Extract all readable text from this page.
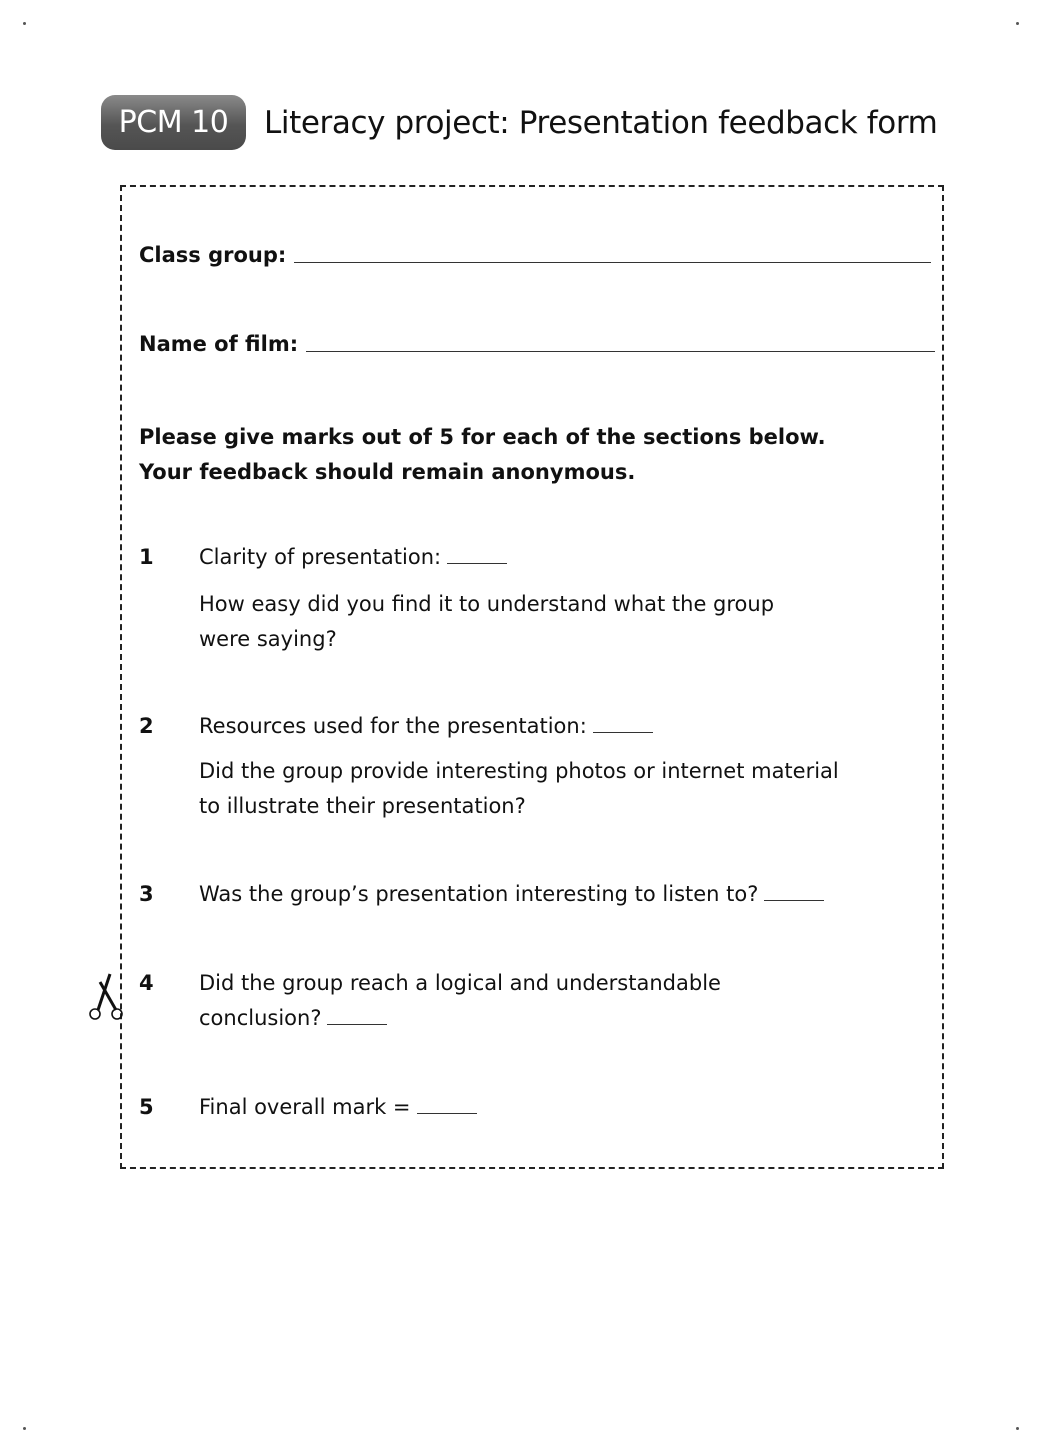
PCM 10	Literacy project: Presentation feedback form
Class group:
Name of film:
Please give marks out of 5 for each of the sections below.
Your feedback should remain anonymous.
1 Clarity of presentation:
How easy did you find it to understand what the group
were saying?
2 Resources used for the presentation:
Did the group provide interesting photos or internet material
to illustrate their presentation?
3 Was the group’s presentation interesting to listen to?
4 Did the group reach a logical and understandable
conclusion?
5 Final overall mark =
